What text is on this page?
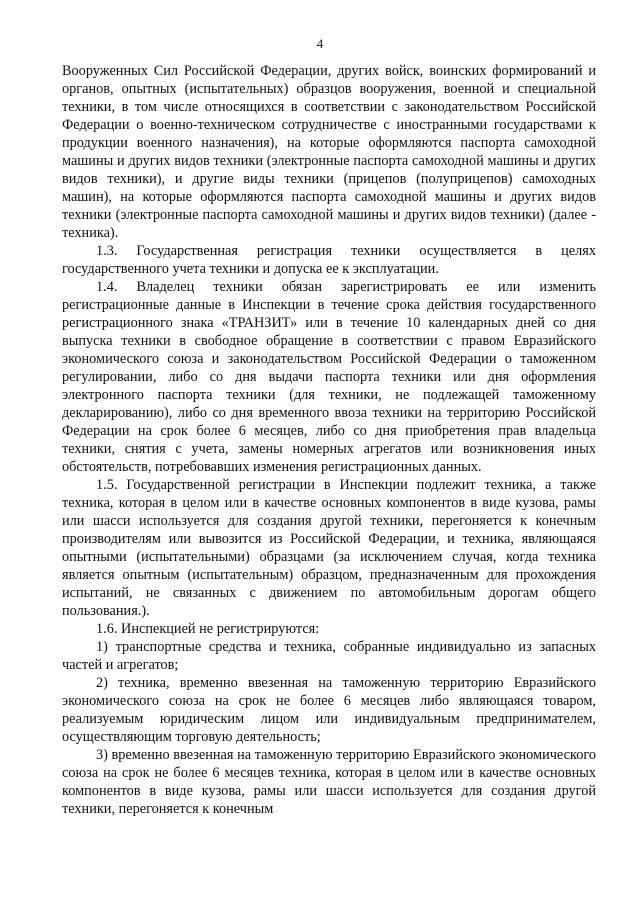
4

Вооруженных Сил Российской Федерации, других войск, воинских формирований и органов, опытных (испытательных) образцов вооружения, военной и специальной техники, в том числе относящихся в соответствии с законодательством Российской Федерации о военно-техническом сотрудничестве с иностранными государствами к продукции военного назначения), на которые оформляются паспорта самоходной машины и других видов техники (электронные паспорта самоходной машины и других видов техники), и другие виды техники (прицепов (полуприцепов) самоходных машин), на которые оформляются паспорта самоходной машины и других видов техники (электронные паспорта самоходной машины и других видов техники) (далее - техника).

1.3. Государственная регистрация техники осуществляется в целях государственного учета техники и допуска ее к эксплуатации.

1.4. Владелец техники обязан зарегистрировать ее или изменить регистрационные данные в Инспекции в течение срока действия государственного регистрационного знака «ТРАНЗИТ» или в течение 10 календарных дней со дня выпуска техники в свободное обращение в соответствии с правом Евразийского экономического союза и законодательством Российской Федерации о таможенном регулировании, либо со дня выдачи паспорта техники или дня оформления электронного паспорта техники (для техники, не подлежащей таможенному декларированию), либо со дня временного ввоза техники на территорию Российской Федерации на срок более 6 месяцев, либо со дня приобретения прав владельца техники, снятия с учета, замены номерных агрегатов или возникновения иных обстоятельств, потребовавших изменения регистрационных данных.

1.5. Государственной регистрации в Инспекции подлежит техника, а также техника, которая в целом или в качестве основных компонентов в виде кузова, рамы или шасси используется для создания другой техники, перегоняется к конечным производителям или вывозится из Российской Федерации, и техника, являющаяся опытными (испытательными) образцами (за исключением случая, когда техника является опытным (испытательным) образцом, предназначенным для прохождения испытаний, не связанных с движением по автомобильным дорогам общего пользования.).

1.6. Инспекцией не регистрируются:

1) транспортные средства и техника, собранные индивидуально из запасных частей и агрегатов;

2) техника, временно ввезенная на таможенную территорию Евразийского экономического союза на срок не более 6 месяцев либо являющаяся товаром, реализуемым юридическим лицом или индивидуальным предпринимателем, осуществляющим торговую деятельность;

3) временно ввезенная на таможенную территорию Евразийского экономического союза на срок не более 6 месяцев техника, которая в целом или в качестве основных компонентов в виде кузова, рамы или шасси используется для создания другой техники, перегоняется к конечным
